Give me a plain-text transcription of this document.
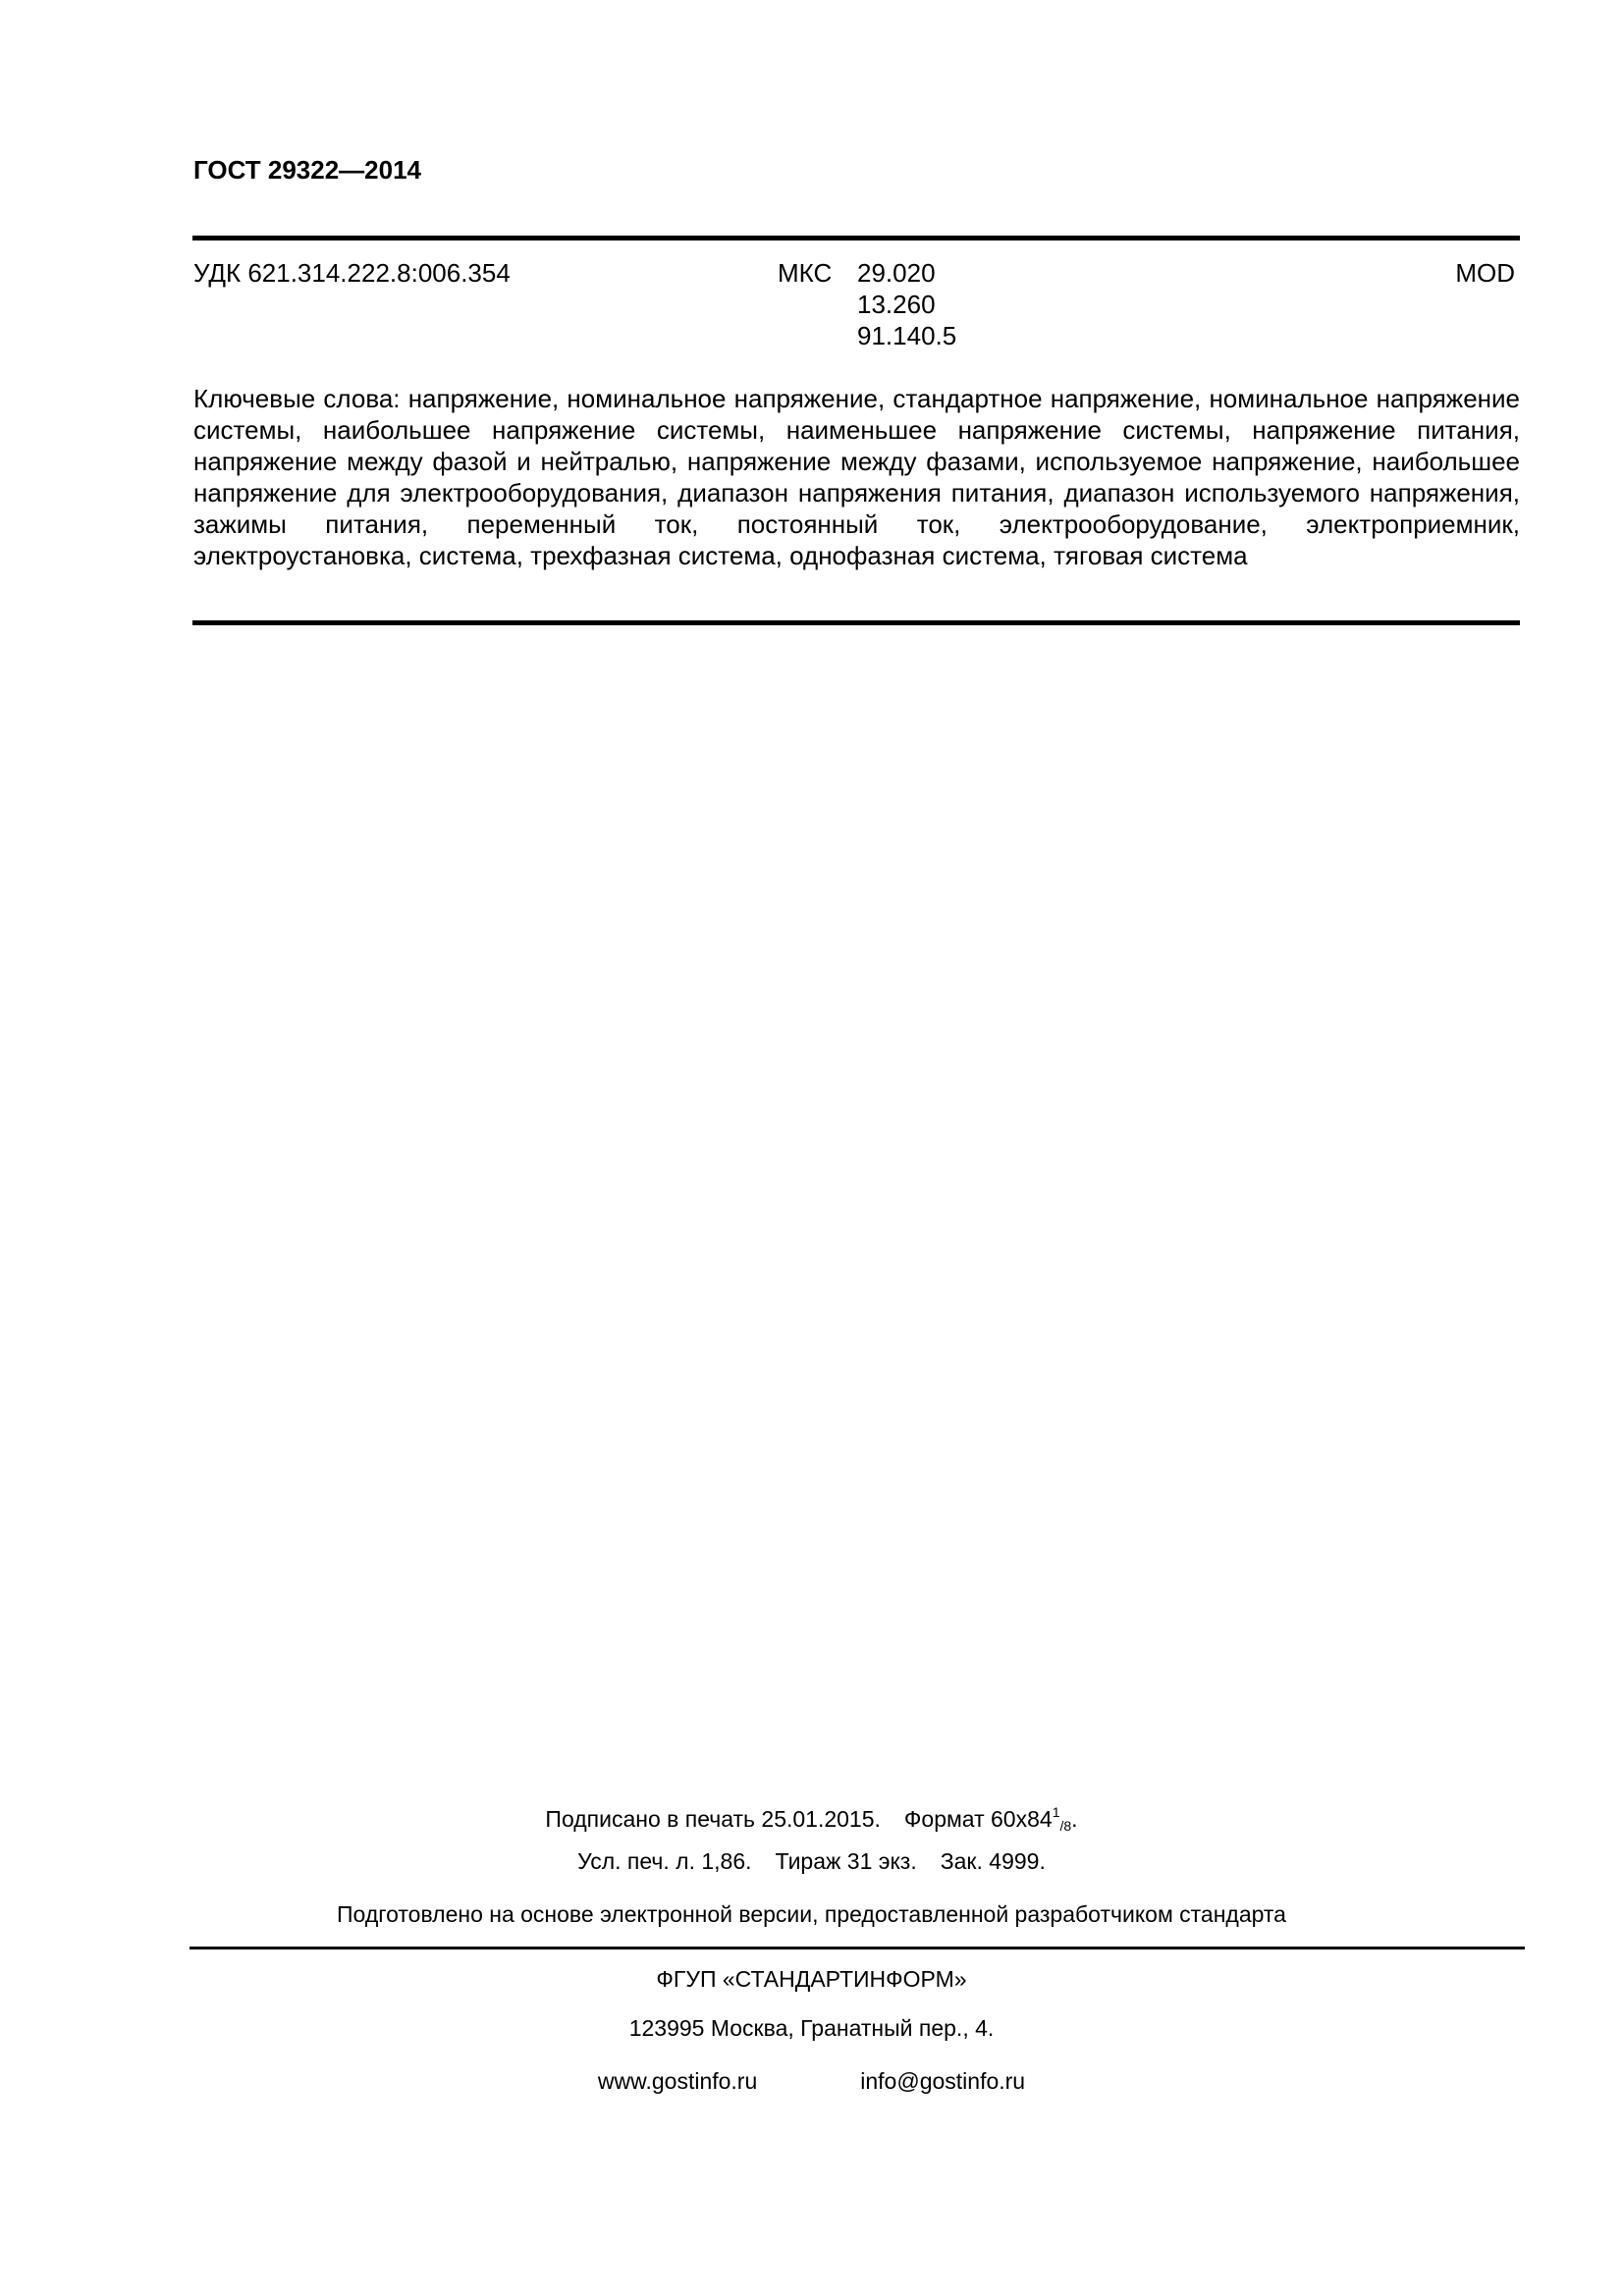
ГОСТ 29322—2014
УДК 621.314.222.8:006.354	МКС 29.020
13.260
91.140.5
MOD
Ключевые слова: напряжение, номинальное напряжение, стандартное напряжение, номинальное напряжение системы, наибольшее напряжение системы, наименьшее напряжение системы, напряжение питания, напряжение между фазой и нейтралью, напряжение между фазами, используемое напряжение, наибольшее напряжение для электрооборудования, диапазон напряжения питания, диапазон используемого напряжения, зажимы питания, переменный ток, постоянный ток, электрооборудование, электроприемник, электроустановка, система, трехфазная система, однофазная система, тяговая система
Подписано в печать 25.01.2015. Формат $60х84^1_{/8}$.
Усл. печ. л. 1,86. Тираж 31 экз. Зак. 4999.
Подготовлено на основе электронной версии, предоставленной разработчиком стандарта
ФГУП «СТАНДАРТИНФОРМ»
123995 Москва, Гранатный пер., 4.
www.gostinfo.ru	info@gostinfo.ru
